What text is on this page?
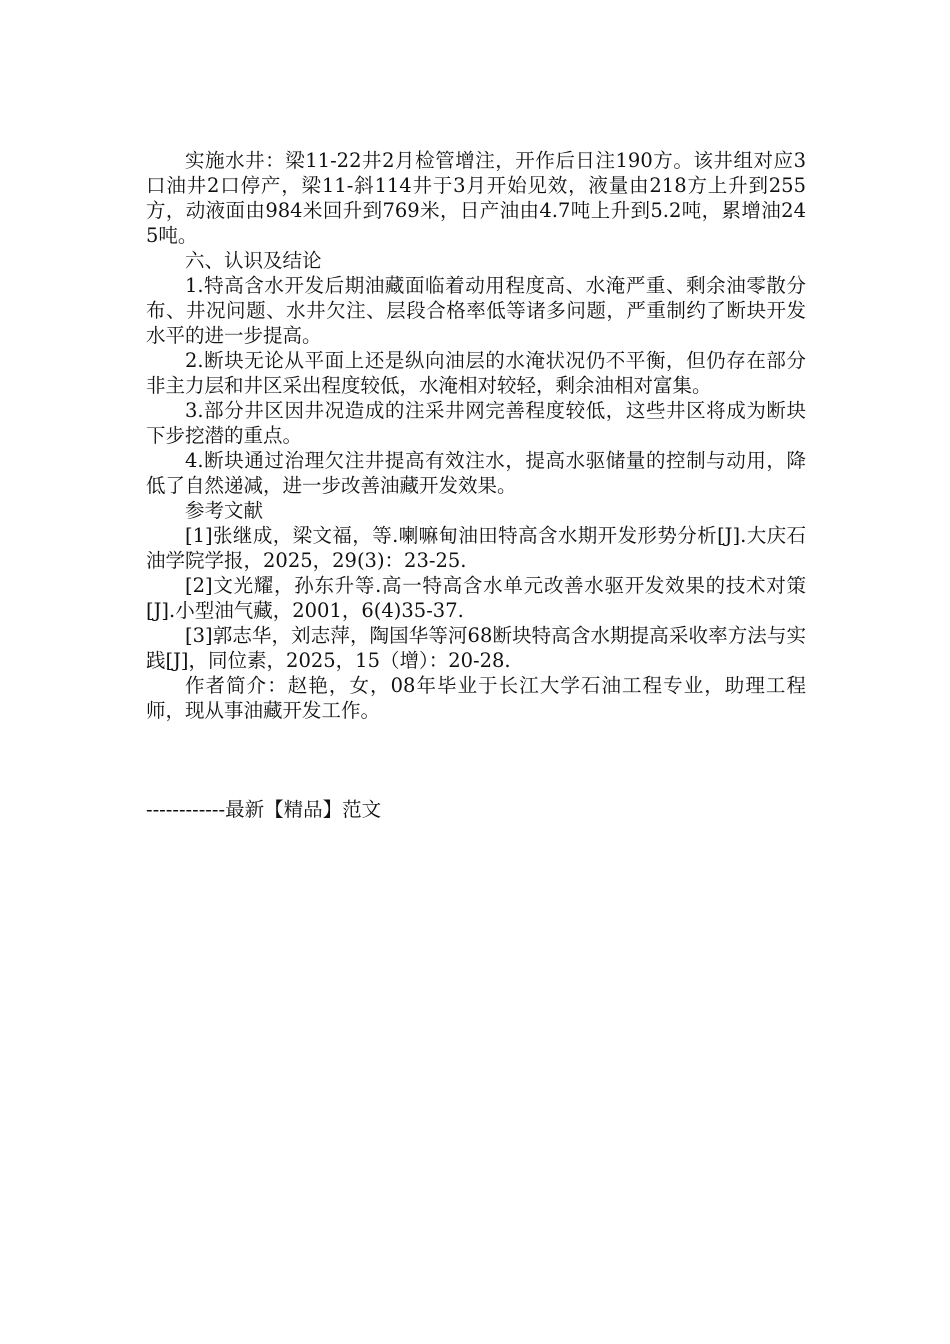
实施水井：梁11-22井2月检管增注，开作后日注190方。该井组对应3口油井2口停产，梁11-斜114井于3月开始见效，液量由218方上升到255方，动液面由984米回升到769米，日产油由4.7吨上升到5.2吨，累增油245吨。

六、认识及结论

1.特高含水开发后期油藏面临着动用程度高、水淹严重、剩余油零散分布、井况问题、水井欠注、层段合格率低等诸多问题，严重制约了断块开发水平的进一步提高。

2.断块无论从平面上还是纵向油层的水淹状况仍不平衡，但仍存在部分非主力层和井区采出程度较低，水淹相对较轻，剩余油相对富集。

3.部分井区因井况造成的注采井网完善程度较低，这些井区将成为断块下步挖潜的重点。

4.断块通过治理欠注井提高有效注水，提高水驱储量的控制与动用，降低了自然递减，进一步改善油藏开发效果。

参考文献

[1]张继成，梁文福，等.喇嘛甸油田特高含水期开发形势分析[J].大庆石油学院学报，2025，29(3)：23-25.

[2]文光耀，孙东升等.高一特高含水单元改善水驱开发效果的技术对策[J].小型油气藏，2001，6(4)35-37.

[3]郭志华，刘志萍，陶国华等河68断块特高含水期提高采收率方法与实践[J]，同位素，2025，15（增）：20-28.

作者简介：赵艳，女，08年毕业于长江大学石油工程专业，助理工程师，现从事油藏开发工作。

------------最新【精品】范文
